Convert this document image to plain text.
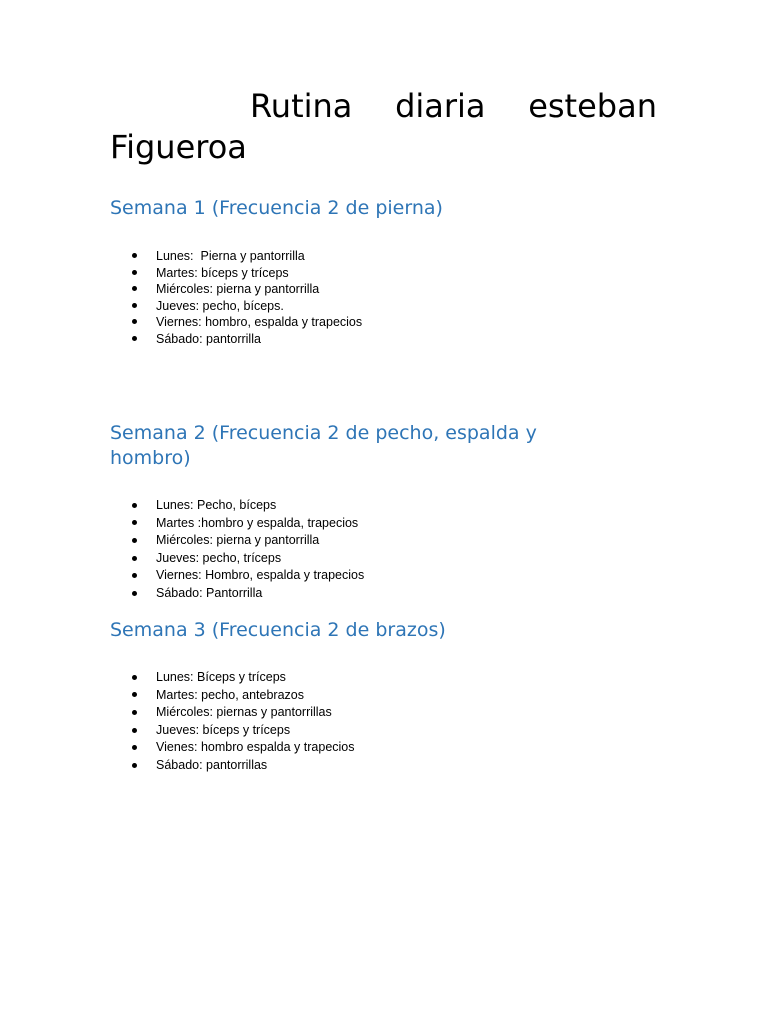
Rutina diaria esteban
Figueroa
Semana 1 (Frecuencia 2 de pierna)
Lunes:  Pierna y pantorrilla
Martes: bíceps y tríceps
Miércoles: pierna y pantorrilla
Jueves: pecho, bíceps.
Viernes: hombro, espalda y trapecios
Sábado: pantorrilla
Semana 2 (Frecuencia 2 de pecho, espalda y hombro)
Lunes: Pecho, bíceps
Martes :hombro y espalda, trapecios
Miércoles: pierna y pantorrilla
Jueves: pecho, tríceps
Viernes: Hombro, espalda y trapecios
Sábado: Pantorrilla
Semana 3 (Frecuencia 2 de brazos)
Lunes: Bíceps y tríceps
Martes: pecho, antebrazos
Miércoles: piernas y pantorrillas
Jueves: bíceps y tríceps
Vienes: hombro espalda y trapecios
Sábado: pantorrillas
